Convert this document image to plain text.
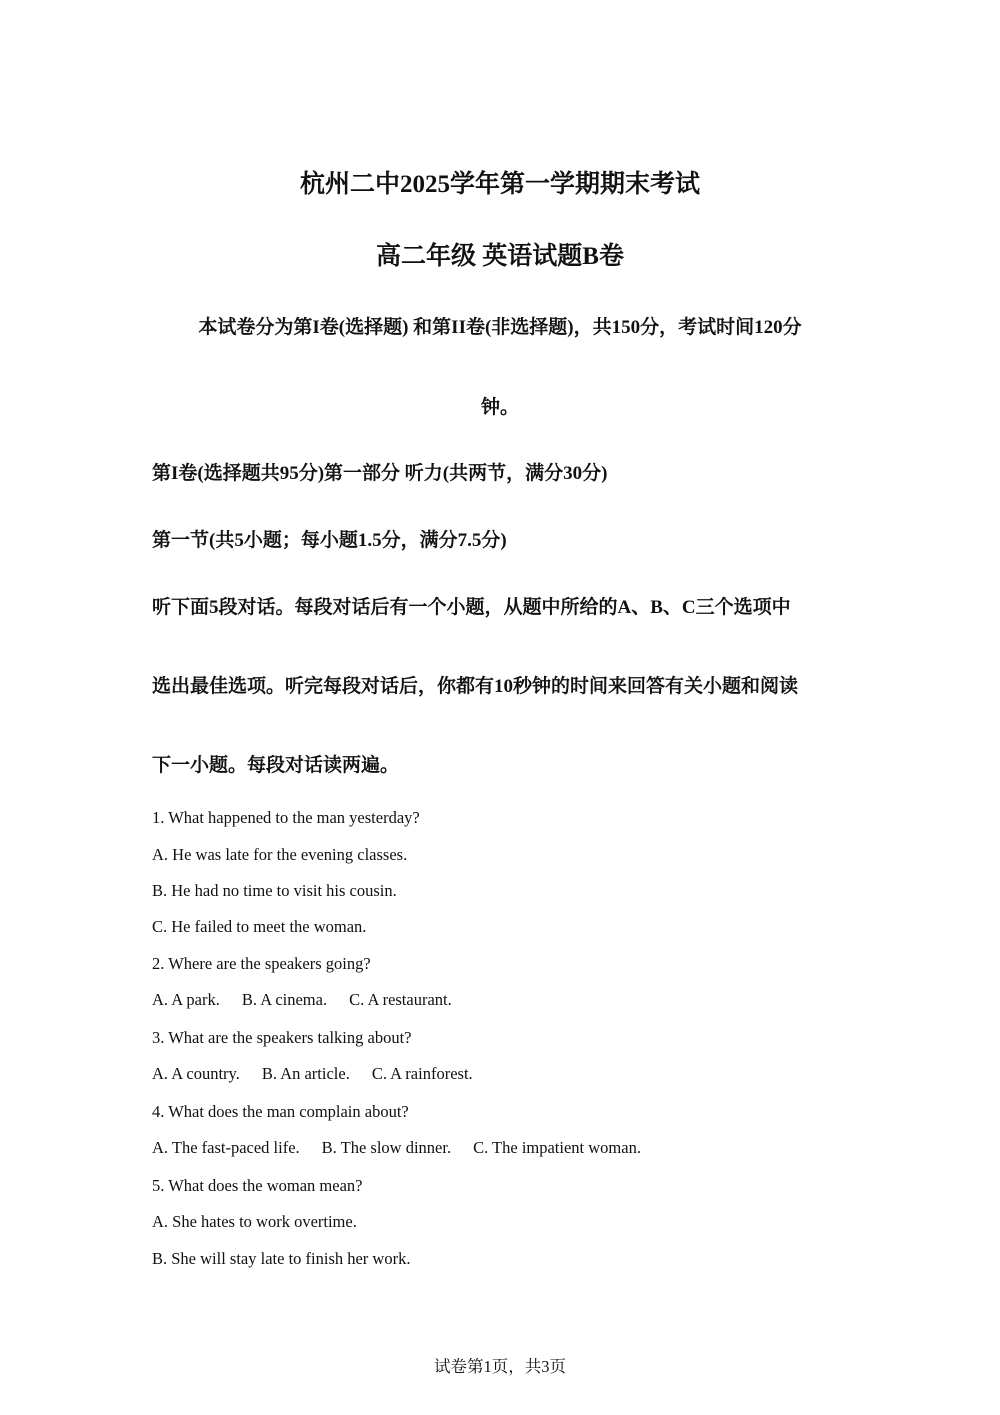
杭州二中2025学年第一学期期末考试
高二年级 英语试题B卷
本试卷分为第I卷(选择题) 和第II卷(非选择题)，共150分，考试时间120分
钟。
第I卷(选择题共95分)第一部分 听力(共两节，满分30分)
第一节(共5小题；每小题1.5分，满分7.5分)
听下面5段对话。每段对话后有一个小题，从题中所给的A、B、C三个选项中
选出最佳选项。听完每段对话后，你都有10秒钟的时间来回答有关小题和阅读
下一小题。每段对话读两遍。
1. What happened to the man yesterday?
A. He was late for the evening classes.
B. He had no time to visit his cousin.
C. He failed to meet the woman.
2. Where are the speakers going?
A. A park. B. A cinema. C. A restaurant.
3. What are the speakers talking about?
A. A country. B. An article. C. A rainforest.
4. What does the man complain about?
A. The fast-paced life. B. The slow dinner. C. The impatient woman.
5. What does the woman mean?
A. She hates to work overtime.
B. She will stay late to finish her work.
试卷第1页，共3页
